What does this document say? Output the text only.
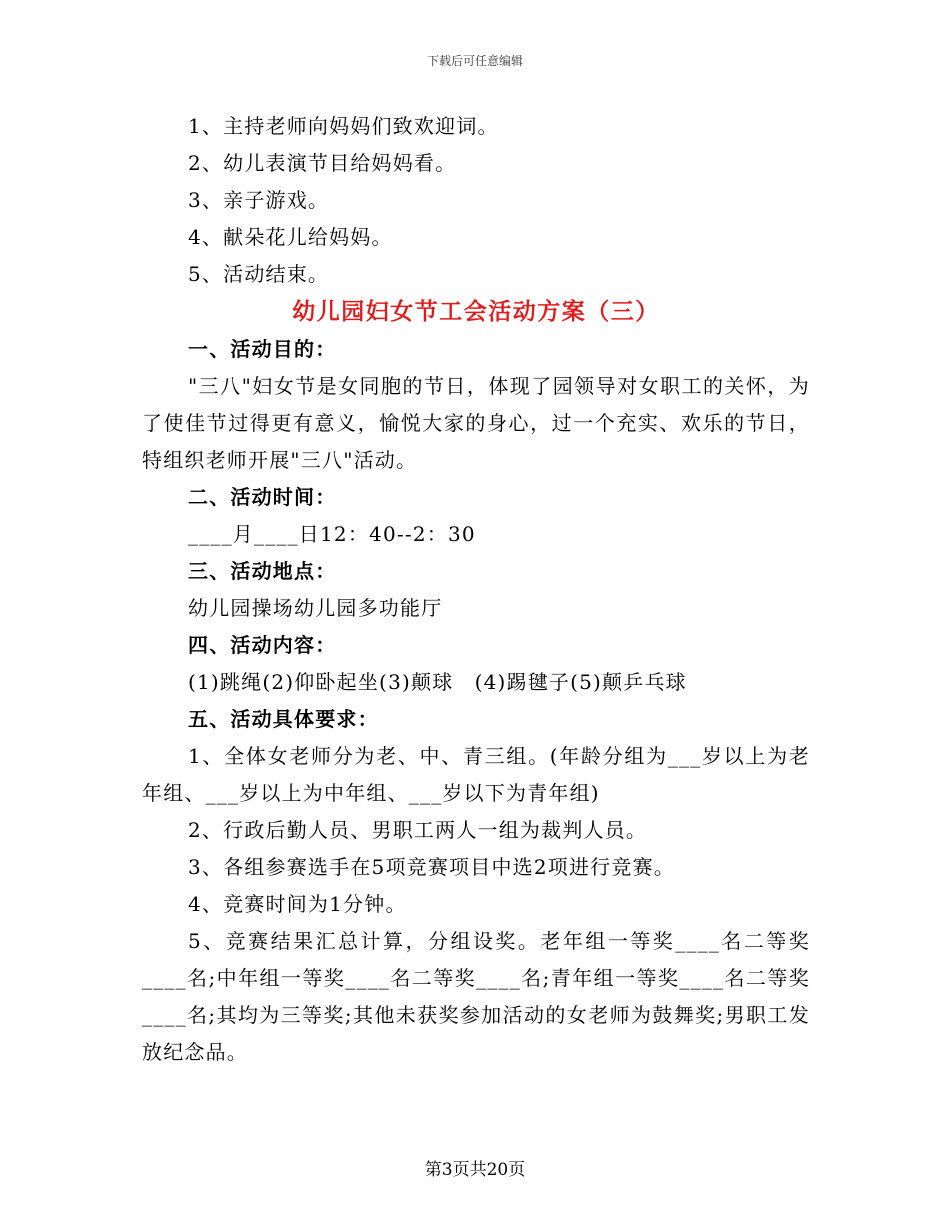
下载后可任意编辑
1、主持老师向妈妈们致欢迎词。
2、幼儿表演节目给妈妈看。
3、亲子游戏。
4、献朵花儿给妈妈。
5、活动结束。
幼儿园妇女节工会活动方案（三）
一、活动目的：
"三八"妇女节是女同胞的节日，体现了园领导对女职工的关怀，为了使佳节过得更有意义，愉悦大家的身心，过一个充实、欢乐的节日，特组织老师开展"三八"活动。
二、活动时间：
____月____日12：40--2：30
三、活动地点：
幼儿园操场幼儿园多功能厅
四、活动内容：
(1)跳绳(2)仰卧起坐(3)颠球　(4)踢毽子(5)颠乒乓球
五、活动具体要求：
1、全体女老师分为老、中、青三组。(年龄分组为___岁以上为老年组、___岁以上为中年组、___岁以下为青年组)
2、行政后勤人员、男职工两人一组为裁判人员。
3、各组参赛选手在5项竞赛项目中选2项进行竞赛。
4、竞赛时间为1分钟。
5、竞赛结果汇总计算，分组设奖。老年组一等奖____名二等奖____名;中年组一等奖____名二等奖____名;青年组一等奖____名二等奖____名;其均为三等奖;其他未获奖参加活动的女老师为鼓舞奖;男职工发放纪念品。
第3页共20页
